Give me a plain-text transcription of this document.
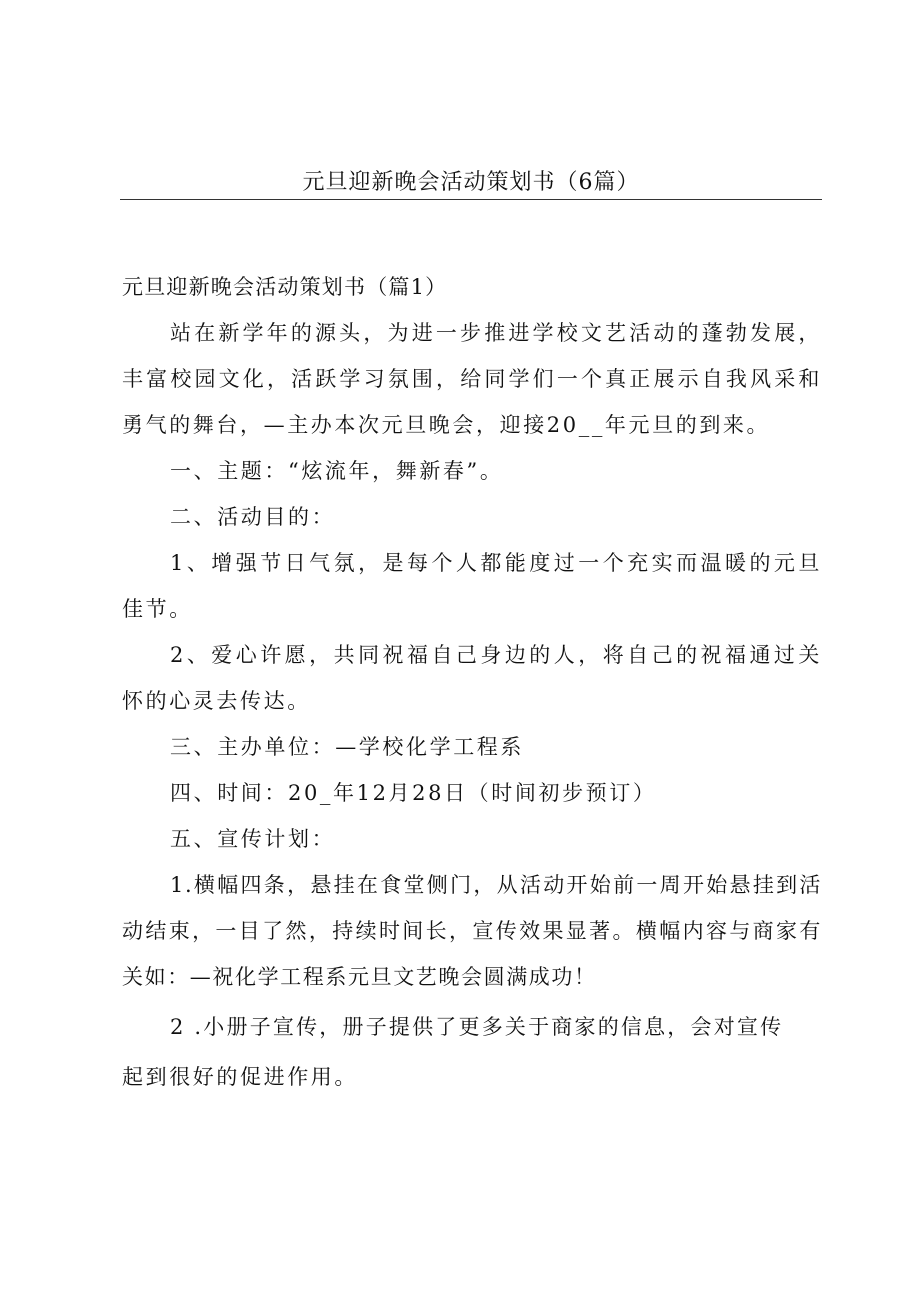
元旦迎新晚会活动策划书（6篇）
元旦迎新晚会活动策划书（篇1）

站在新学年的源头，为进一步推进学校文艺活动的蓬勃发展，丰富校园文化，活跃学习氛围，给同学们一个真正展示自我风采和勇气的舞台，—主办本次元旦晚会，迎接20__年元旦的到来。

一、主题：“炫流年，舞新春”。

二、活动目的：

1、增强节日气氛，是每个人都能度过一个充实而温暖的元旦佳节。

2、爱心许愿，共同祝福自己身边的人，将自己的祝福通过关怀的心灵去传达。

三、主办单位：—学校化学工程系

四、时间：20_年12月28日（时间初步预订）

五、宣传计划：

1.横幅四条，悬挂在食堂侧门，从活动开始前一周开始悬挂到活动结束，一目了然，持续时间长，宣传效果显著。横幅内容与商家有关如：—祝化学工程系元旦文艺晚会圆满成功！

2 .小册子宣传，册子提供了更多关于商家的信息，会对宣传

起到很好的促进作用。
